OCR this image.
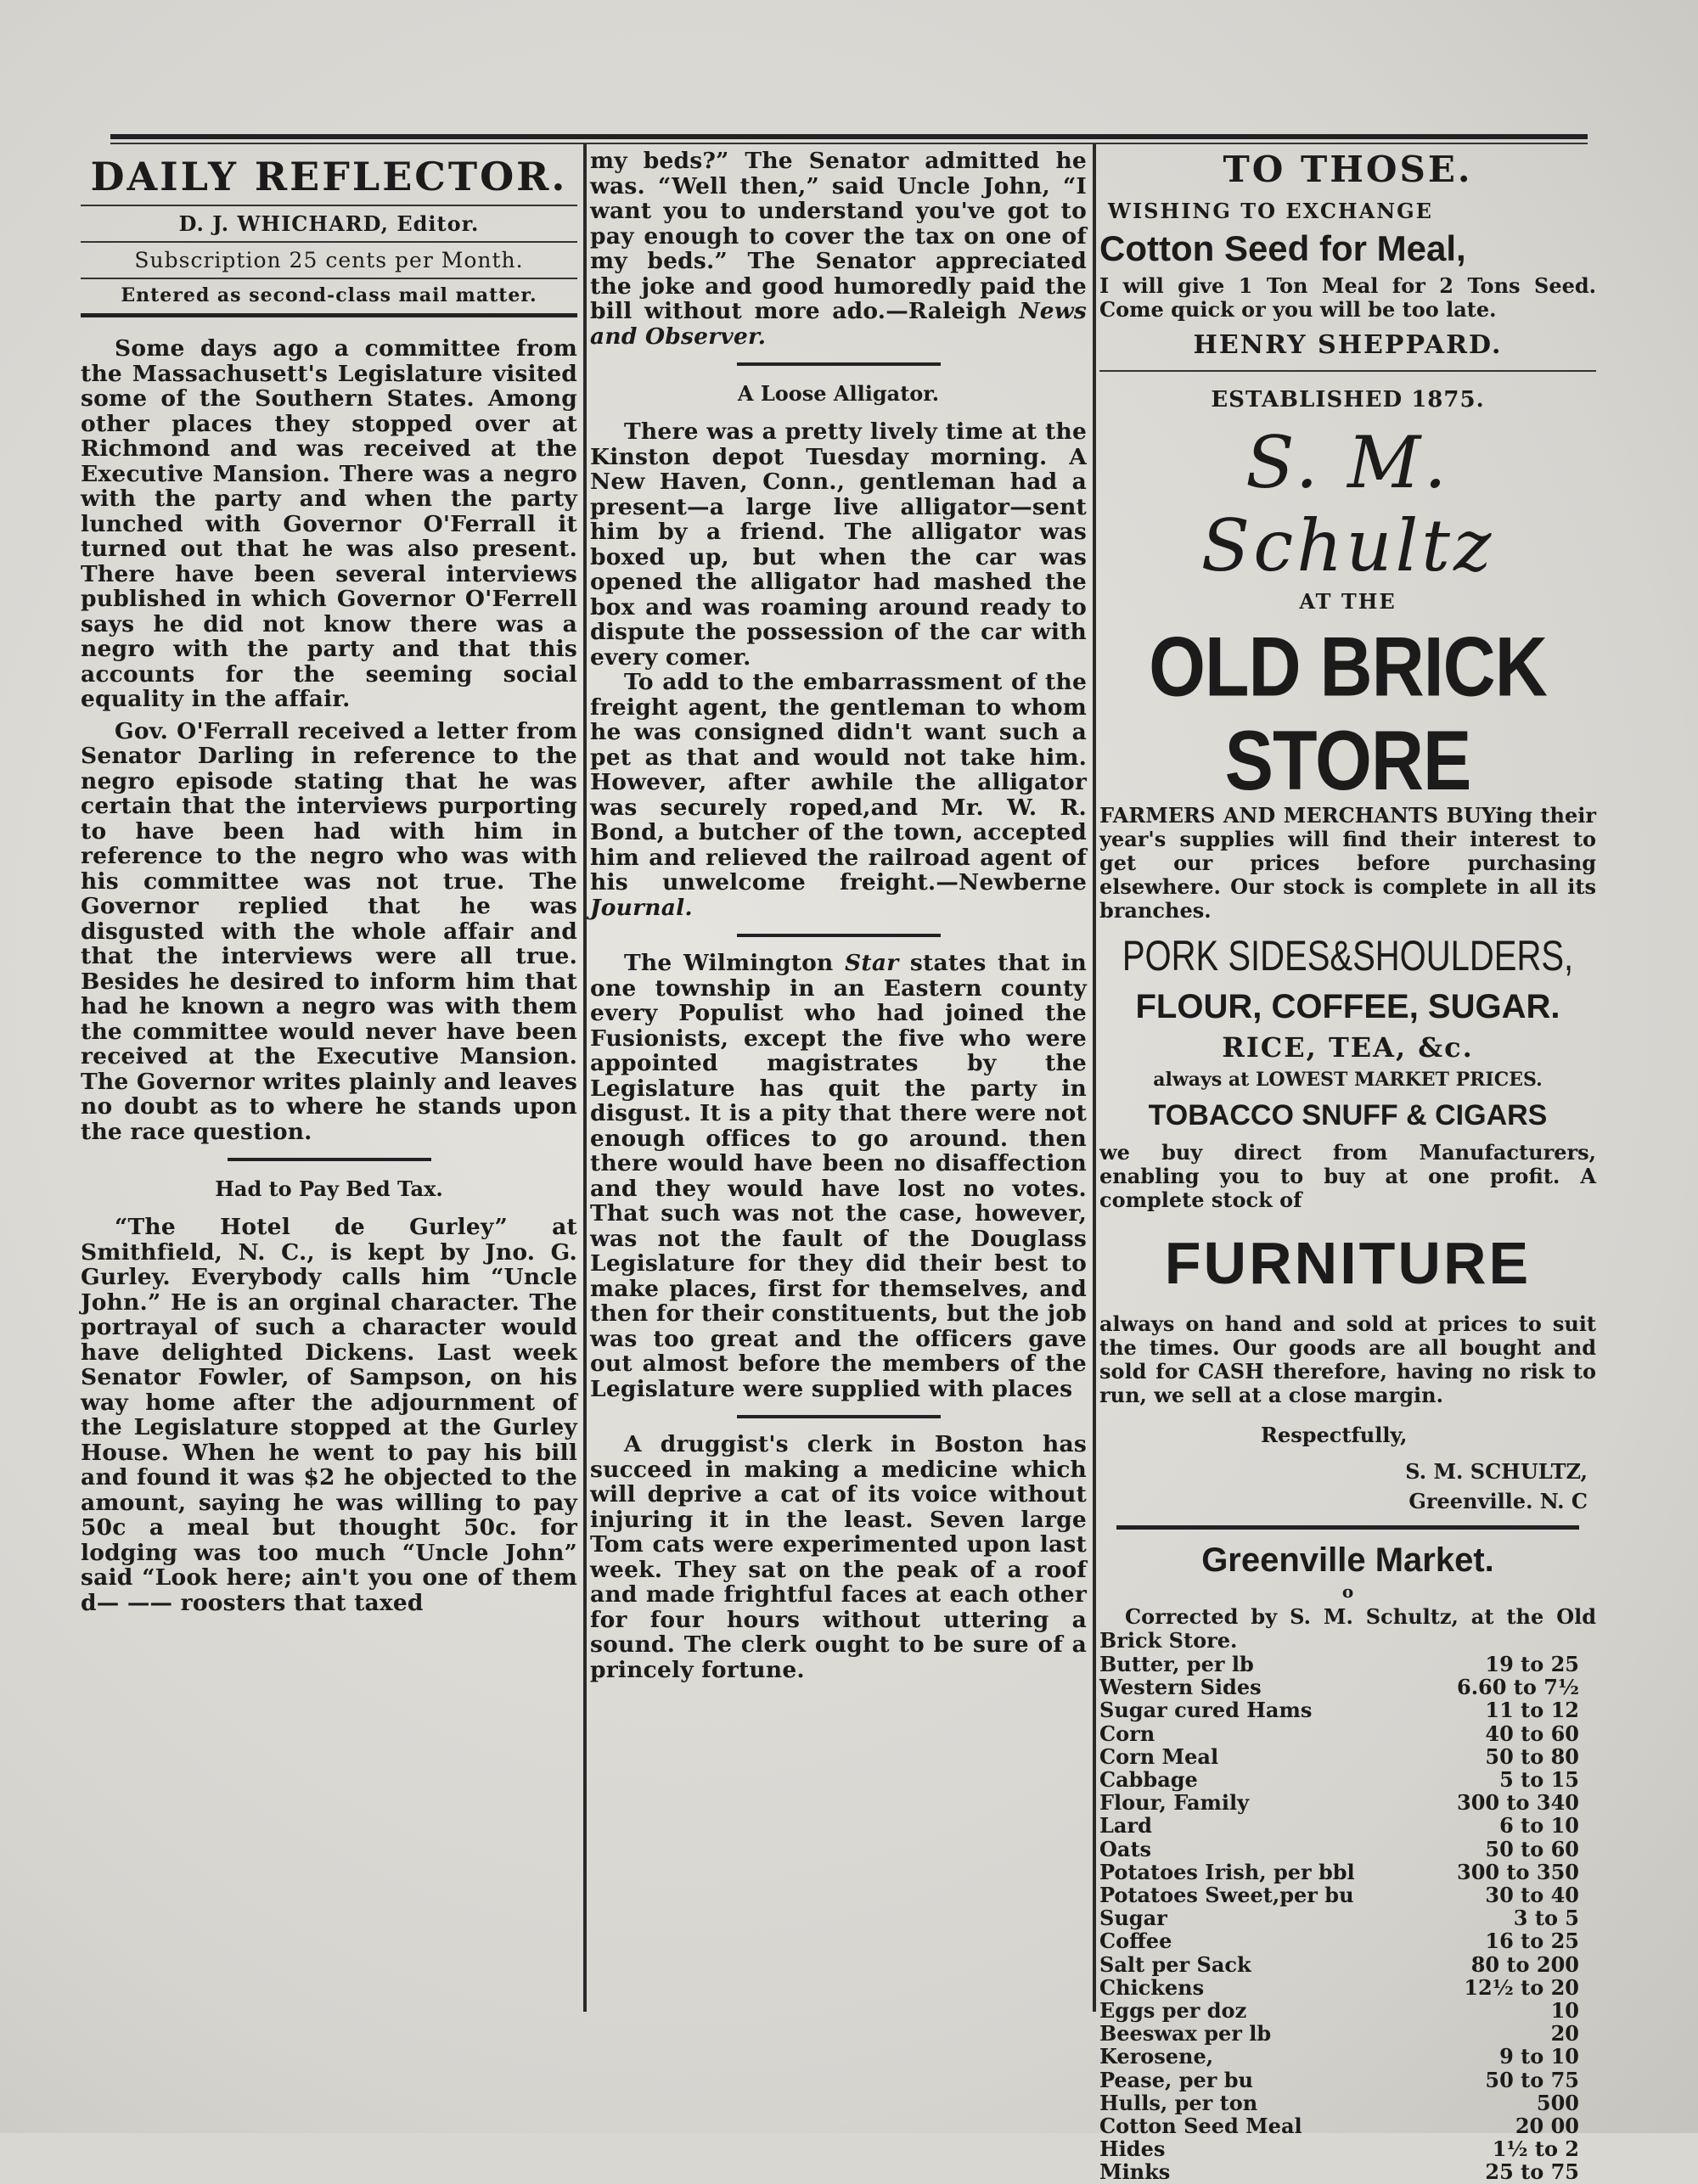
DAILY REFLECTOR.
D. J. WHICHARD, Editor.
Subscription 25 cents per Month.
Entered as second-class mail matter.

Some days ago a committee from the Massachusett's Legislature visited some of the Southern States. Among other places they stopped over at Richmond and was received at the Executive Mansion. There was a negro with the party and when the party lunched with Governor O'Ferrall it turned out that he was also present. There have been several interviews published in which Governor O'Ferrell says he did not know there was a negro with the party and that this accounts for the seeming social equality in the affair.

Gov. O'Ferrall received a letter from Senator Darling in reference to the negro episode stating that he was certain that the interviews purporting to have been had with him in reference to the negro who was with his committee was not true. The Governor replied that he was disgusted with the whole affair and that the interviews were all true. Besides he desired to inform him that had he known a negro was with them the committee would never have been received at the Executive Mansion. The Governor writes plainly and leaves no doubt as to where he stands upon the race question.

Had to Pay Bed Tax.

“The Hotel de Gurley” at Smithfield, N. C., is kept by Jno. G. Gurley. Everybody calls him “Uncle John.” He is an orginal character. The portrayal of such a character would have delighted Dickens. Last week Senator Fowler, of Sampson, on his way home after the adjournment of the Legislature stopped at the Gurley House. When he went to pay his bill and found it was $2 he objected to the amount, saying he was willing to pay 50c a meal but thought 50c. for lodging was too much “Uncle John” said “Look here; ain't you one of them d— —— roosters that taxed

my beds?” The Senator admitted he was. “Well then,” said Uncle John, “I want you to understand you've got to pay enough to cover the tax on one of my beds.” The Senator appreciated the joke and good humoredly paid the bill without more ado.—Raleigh News and Observer.

A Loose Alligator.

There was a pretty lively time at the Kinston depot Tuesday morning. A New Haven, Conn., gentleman had a present—a large live alligator—sent him by a friend. The alligator was boxed up, but when the car was opened the alligator had mashed the box and was roaming around ready to dispute the possession of the car with every comer.

To add to the embarrassment of the freight agent, the gentleman to whom he was consigned didn't want such a pet as that and would not take him. However, after awhile the alligator was securely roped,and Mr. W. R. Bond, a butcher of the town, accepted him and relieved the railroad agent of his unwelcome freight.—Newberne Journal.

The Wilmington Star states that in one township in an Eastern county every Populist who had joined the Fusionists, except the five who were appointed magistrates by the Legislature has quit the party in disgust. It is a pity that there were not enough offices to go around. then there would have been no disaffection and they would have lost no votes. That such was not the case, however, was not the fault of the Douglass Legislature for they did their best to make places, first for themselves, and then for their constituents, but the job was too great and the officers gave out almost before the members of the Legislature were supplied with places

A druggist's clerk in Boston has succeed in making a medicine which will deprive a cat of its voice without injuring it in the least. Seven large Tom cats were experimented upon last week. They sat on the peak of a roof and made frightful faces at each other for four hours without uttering a sound. The clerk ought to be sure of a princely fortune.

TO THOSE.
WISHING TO EXCHANGE
Cotton Seed for Meal,
I will give 1 Ton Meal for 2 Tons Seed. Come quick or you will be too late.
HENRY SHEPPARD.
ESTABLISHED 1875.
S. M. Schultz
AT THE
OLD BRICK STORE
FARMERS AND MERCHANTS BUYing their year's supplies will find their interest to get our prices before purchasing elsewhere. Our stock is complete in all its branches.
PORK SIDES&SHOULDERS,
FLOUR, COFFEE, SUGAR.
RICE, TEA, &c.
always at LOWEST MARKET PRICES.
TOBACCO SNUFF & CIGARS
we buy direct from Manufacturers, enabling you to buy at one profit. A complete stock of
FURNITURE
always on hand and sold at prices to suit the times. Our goods are all bought and sold for CASH therefore, having no risk to run, we sell at a close margin.
Respectfully,
S. M. SCHULTZ,
Greenville. N. C
Greenville Market.
o
Corrected by S. M. Schultz, at the Old Brick Store.
Butter, per lb	19 to 25
Western Sides	6.60 to 7½
Sugar cured Hams	11 to 12
Corn	40 to 60
Corn Meal	50 to 80
Cabbage	5 to 15
Flour, Family	300 to 340
Lard	6 to 10
Oats	50 to 60
Potatoes Irish, per bbl	300 to 350
Potatoes Sweet,per bu	30 to 40
Sugar	3 to 5
Coffee	16 to 25
Salt per Sack	80 to 200
Chickens	12½ to 20
Eggs per doz	10
Beeswax per lb	20
Kerosene,	9 to 10
Pease, per bu	50 to 75
Hulls, per ton	500
Cotton Seed Meal	20 00
Hides	1½ to 2
Minks	25 to 75
